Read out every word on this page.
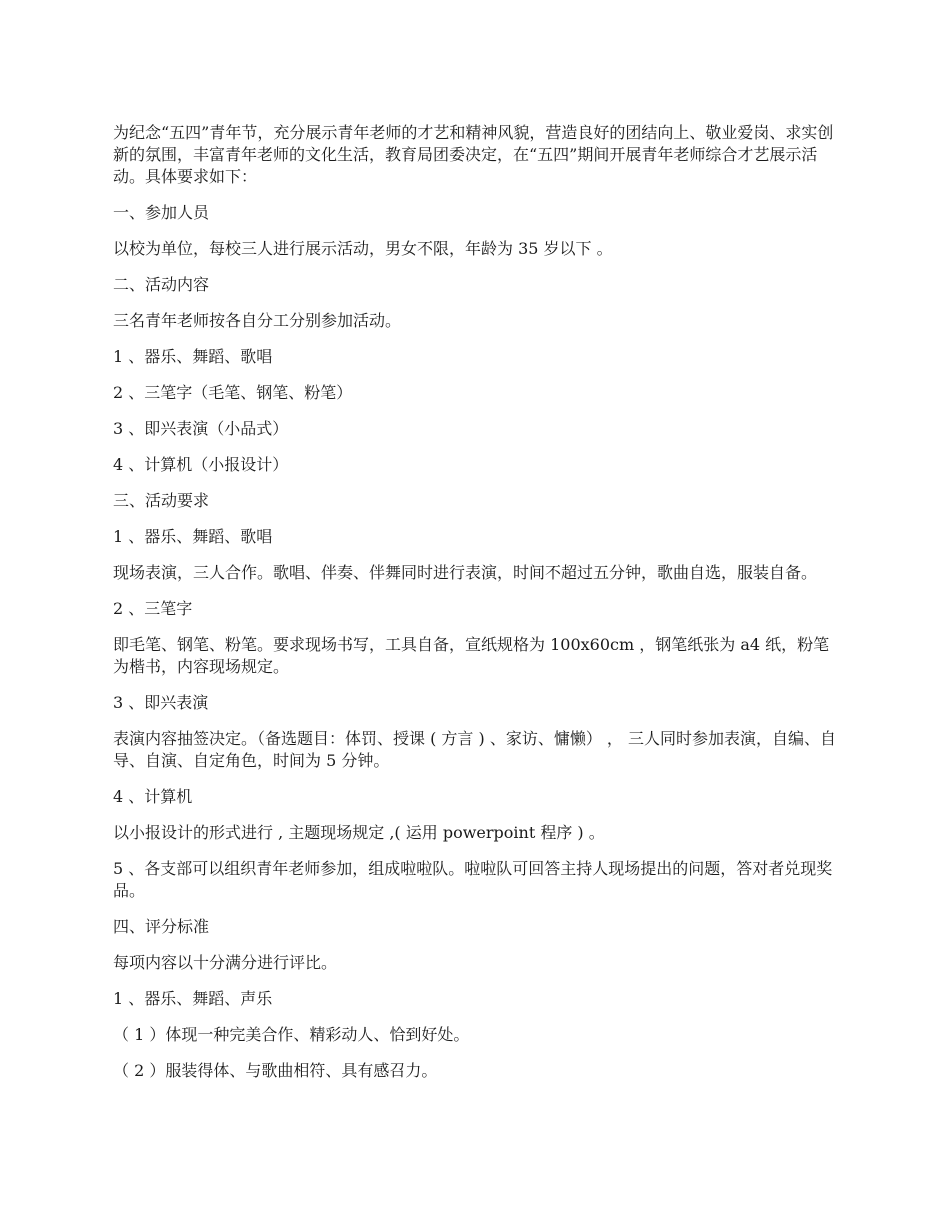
为纪念“五四”青年节，充分展示青年老师的才艺和精神风貌，营造良好的团结向上、敬业爱岗、求实创新的氛围，丰富青年老师的文化生活，教育局团委决定，在“五四”期间开展青年老师综合才艺展示活动。具体要求如下：

一、参加人员

以校为单位，每校三人进行展示活动，男女不限，年龄为 35 岁以下 。

二、活动内容

三名青年老师按各自分工分别参加活动。

1 、器乐、舞蹈、歌唱

2 、三笔字（毛笔、钢笔、粉笔）

3 、即兴表演（小品式）

4 、计算机（小报设计）

三、活动要求

1 、器乐、舞蹈、歌唱

现场表演，三人合作。歌唱、伴奏、伴舞同时进行表演，时间不超过五分钟，歌曲自选，服装自备。

2 、三笔字

即毛笔、钢笔、粉笔。要求现场书写，工具自备，宣纸规格为 100x60cm ，钢笔纸张为 a4 纸，粉笔为楷书，内容现场规定。

3 、即兴表演

表演内容抽签决定。（备选题目：体罚、授课 ( 方言 ) 、家访、慵懒） ， 三人同时参加表演，自编、自导、自演、自定角色，时间为 5 分钟。

4 、计算机

以小报设计的形式进行 , 主题现场规定 ,( 运用 powerpoint 程序 ) 。

5 、各支部可以组织青年老师参加，组成啦啦队。啦啦队可回答主持人现场提出的问题，答对者兑现奖品。

四、评分标准

每项内容以十分满分进行评比。

1 、器乐、舞蹈、声乐

（ 1 ）体现一种完美合作、精彩动人、恰到好处。

（ 2 ）服装得体、与歌曲相符、具有感召力。
